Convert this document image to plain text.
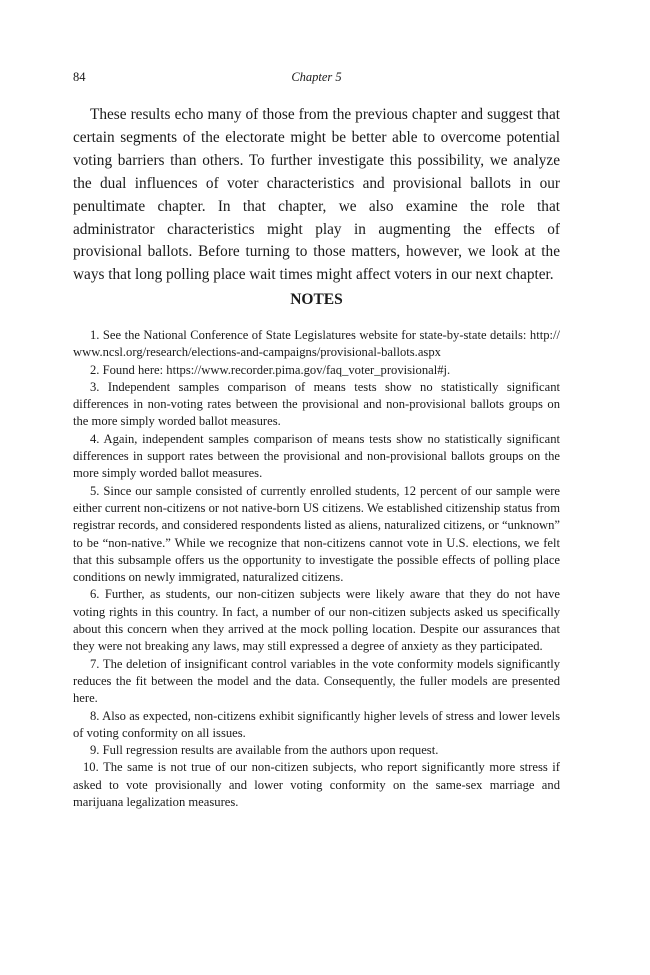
84	Chapter 5

These results echo many of those from the previous chapter and suggest that certain segments of the electorate might be better able to overcome potential voting barriers than others. To further investigate this possibility, we analyze the dual influences of voter characteristics and provisional ballots in our penultimate chapter. In that chapter, we also examine the role that administrator characteristics might play in augmenting the effects of provisional ballots. Before turning to those matters, however, we look at the ways that long polling place wait times might affect voters in our next chapter.

NOTES
1. See the National Conference of State Legislatures website for state-by-state details: http://www.ncsl.org/research/elections-and-campaigns/provisional-ballots.aspx
2. Found here: https://www.recorder.pima.gov/faq_voter_provisional#j.
3. Independent samples comparison of means tests show no statistically significant differences in non-voting rates between the provisional and non-provisional ballots groups on the more simply worded ballot measures.
4. Again, independent samples comparison of means tests show no statistically significant differences in support rates between the provisional and non-provisional ballots groups on the more simply worded ballot measures.
5. Since our sample consisted of currently enrolled students, 12 percent of our sample were either current non-citizens or not native-born US citizens. We established citizenship status from registrar records, and considered respondents listed as aliens, naturalized citizens, or “unknown” to be “non-native.” While we recognize that non-citizens cannot vote in U.S. elections, we felt that this subsample offers us the opportunity to investigate the possible effects of polling place conditions on newly immigrated, naturalized citizens.
6. Further, as students, our non-citizen subjects were likely aware that they do not have voting rights in this country. In fact, a number of our non-citizen subjects asked us specifically about this concern when they arrived at the mock polling location. Despite our assurances that they were not breaking any laws, may still expressed a degree of anxiety as they participated.
7. The deletion of insignificant control variables in the vote conformity models significantly reduces the fit between the model and the data. Consequently, the fuller models are presented here.
8. Also as expected, non-citizens exhibit significantly higher levels of stress and lower levels of voting conformity on all issues.
9. Full regression results are available from the authors upon request.
10. The same is not true of our non-citizen subjects, who report significantly more stress if asked to vote provisionally and lower voting conformity on the same-sex marriage and marijuana legalization measures.
